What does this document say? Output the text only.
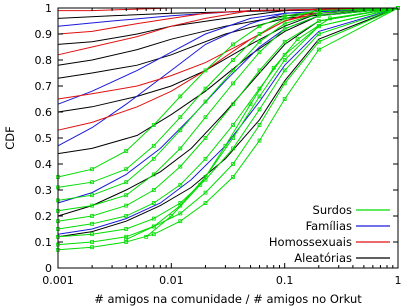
0.001	0.01	0.1	1
0
0.1
0.2
0.3
0.4
0.5
0.6
0.7
0.8
0.9
1
# amigos na comunidade / # amigos no Orkut
CDF
Surdos
Famílias
Homossexuais
Aleatórias
